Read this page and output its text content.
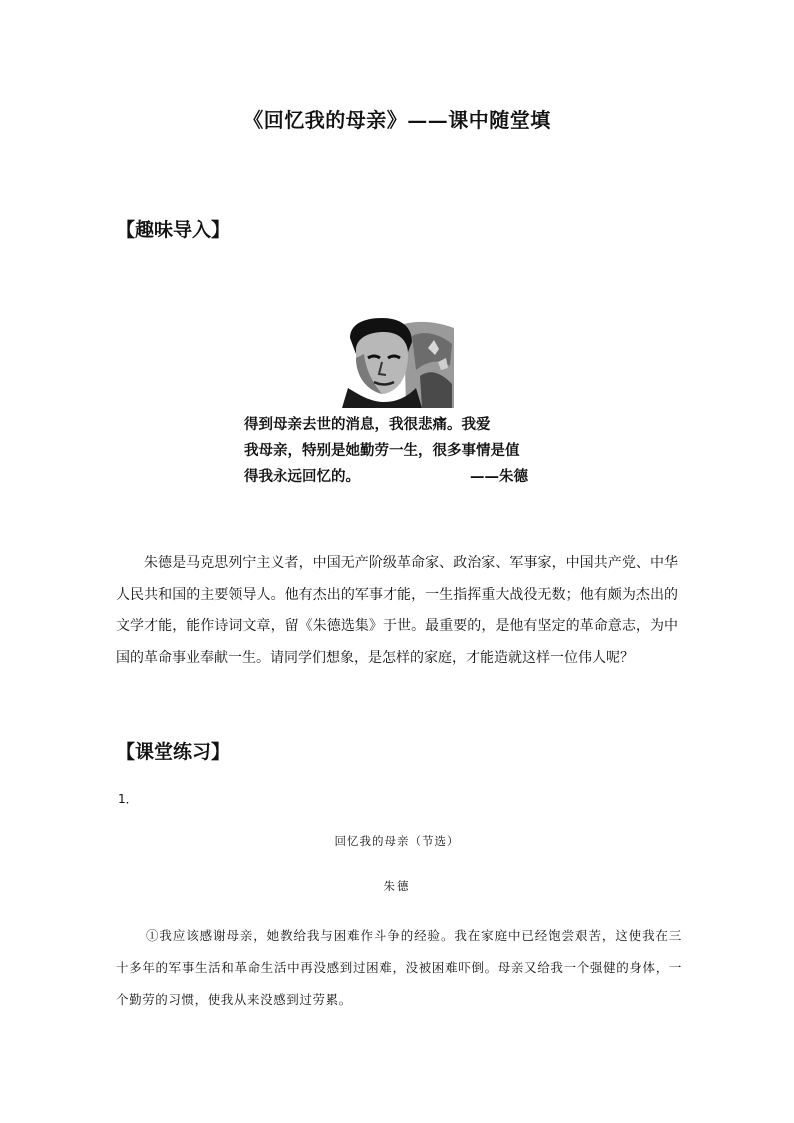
《回忆我的母亲》——课中随堂填
【趣味导入】
得到母亲去世的消息，我很悲痛。我爱
我母亲，特别是她勤劳一生，很多事情是值
得我永远回忆的。	——朱德
朱德是马克思列宁主义者，中国无产阶级革命家、政治家、军事家，中国共产党、中华人民共和国的主要领导人。他有杰出的军事才能，一生指挥重大战役无数；他有颇为杰出的文学才能，能作诗词文章，留《朱德选集》于世。最重要的，是他有坚定的革命意志，为中国的革命事业奉献一生。请同学们想象，是怎样的家庭，才能造就这样一位伟人呢？
【课堂练习】
1．
回忆我的母亲（节选）
朱德
①我应该感谢母亲，她教给我与困难作斗争的经验。我在家庭中已经饱尝艰苦，这使我在三十多年的军事生活和革命生活中再没感到过困难，没被困难吓倒。母亲又给我一个强健的身体，一个勤劳的习惯，使我从来没感到过劳累。
